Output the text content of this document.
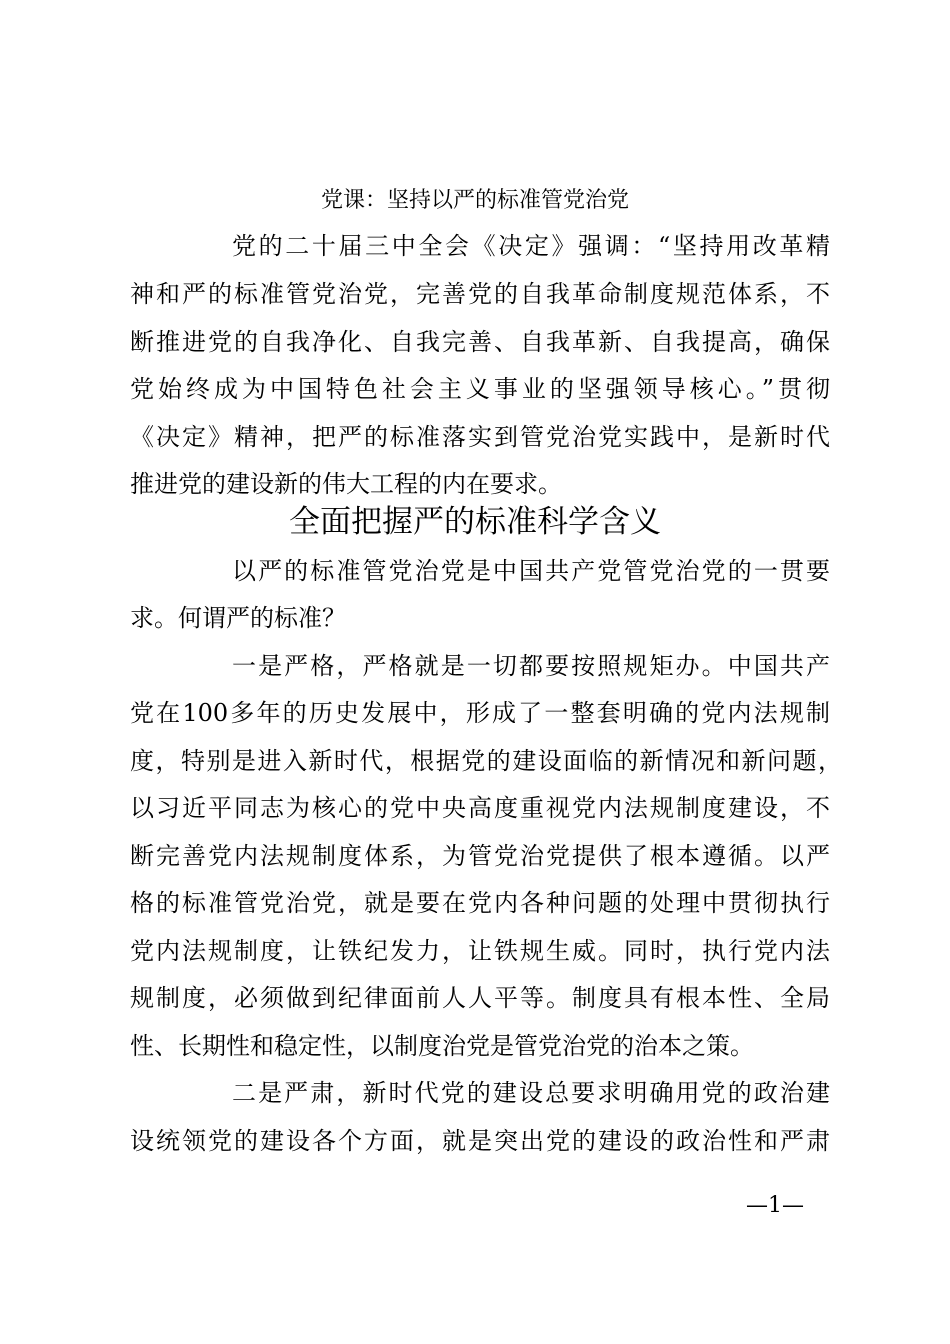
党课：坚持以严的标准管党治党
党的二十届三中全会《决定》强调：“坚持用改革精
神和严的标准管党治党，完善党的自我革命制度规范体系，不
断推进党的自我净化、自我完善、自我革新、自我提高，确保
党始终成为中国特色社会主义事业的坚强领导核心。”贯彻
《决定》精神，把严的标准落实到管党治党实践中，是新时代
推进党的建设新的伟大工程的内在要求。
全面把握严的标准科学含义
以严的标准管党治党是中国共产党管党治党的一贯要
求。何谓严的标准？
一是严格，严格就是一切都要按照规矩办。中国共产
党在100多年的历史发展中，形成了一整套明确的党内法规制
度，特别是进入新时代，根据党的建设面临的新情况和新问题，
以习近平同志为核心的党中央高度重视党内法规制度建设，不
断完善党内法规制度体系，为管党治党提供了根本遵循。以严
格的标准管党治党，就是要在党内各种问题的处理中贯彻执行
党内法规制度，让铁纪发力，让铁规生威。同时，执行党内法
规制度，必须做到纪律面前人人平等。制度具有根本性、全局
性、长期性和稳定性，以制度治党是管党治党的治本之策。
二是严肃，新时代党的建设总要求明确用党的政治建
设统领党的建设各个方面，就是突出党的建设的政治性和严肃
—1—
